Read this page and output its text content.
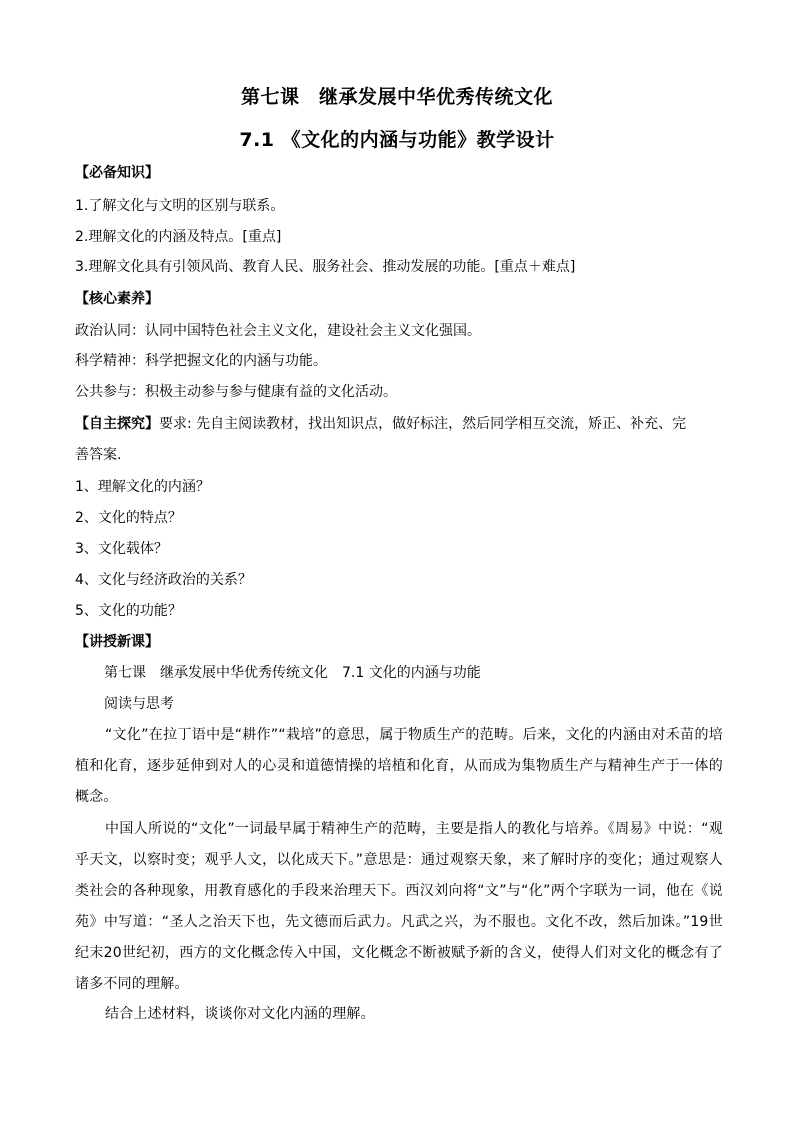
第七课　继承发展中华优秀传统文化
7.1 《文化的内涵与功能》教学设计
【必备知识】
1.了解文化与文明的区别与联系。
2.理解文化的内涵及特点。[重点]
3.理解文化具有引领风尚、教育人民、服务社会、推动发展的功能。[重点＋难点]
【核心素养】
政治认同：认同中国特色社会主义文化，建设社会主义文化强国。
科学精神：科学把握文化的内涵与功能。
公共参与：积极主动参与参与健康有益的文化活动。
【自主探究】要求: 先自主阅读教材，找出知识点，做好标注，然后同学相互交流，矫正、补充、完
善答案.
1、理解文化的内涵？
2、文化的特点？
3、文化载体？
4、文化与经济政治的关系？
5、文化的功能？
【讲授新课】
第七课　继承发展中华优秀传统文化　7.1 文化的内涵与功能
阅读与思考
“文化”在拉丁语中是“耕作”“栽培”的意思，属于物质生产的范畴。后来，文化的内涵由对禾苗的培植和化育，逐步延伸到对人的心灵和道德情操的培植和化育，从而成为集物质生产与精神生产于一体的概念。
中国人所说的“文化”一词最早属于精神生产的范畴，主要是指人的教化与培养。《周易》中说：“观乎天文，以察时变；观乎人文，以化成天下。”意思是：通过观察天象，来了解时序的变化；通过观察人类社会的各种现象，用教育感化的手段来治理天下。西汉刘向将“文”与“化”两个字联为一词，他在《说苑》中写道：“圣人之治天下也，先文德而后武力。凡武之兴，为不服也。文化不改，然后加诛。”19世纪末20世纪初，西方的文化概念传入中国，文化概念不断被赋予新的含义，使得人们对文化的概念有了诸多不同的理解。
结合上述材料，谈谈你对文化内涵的理解。
